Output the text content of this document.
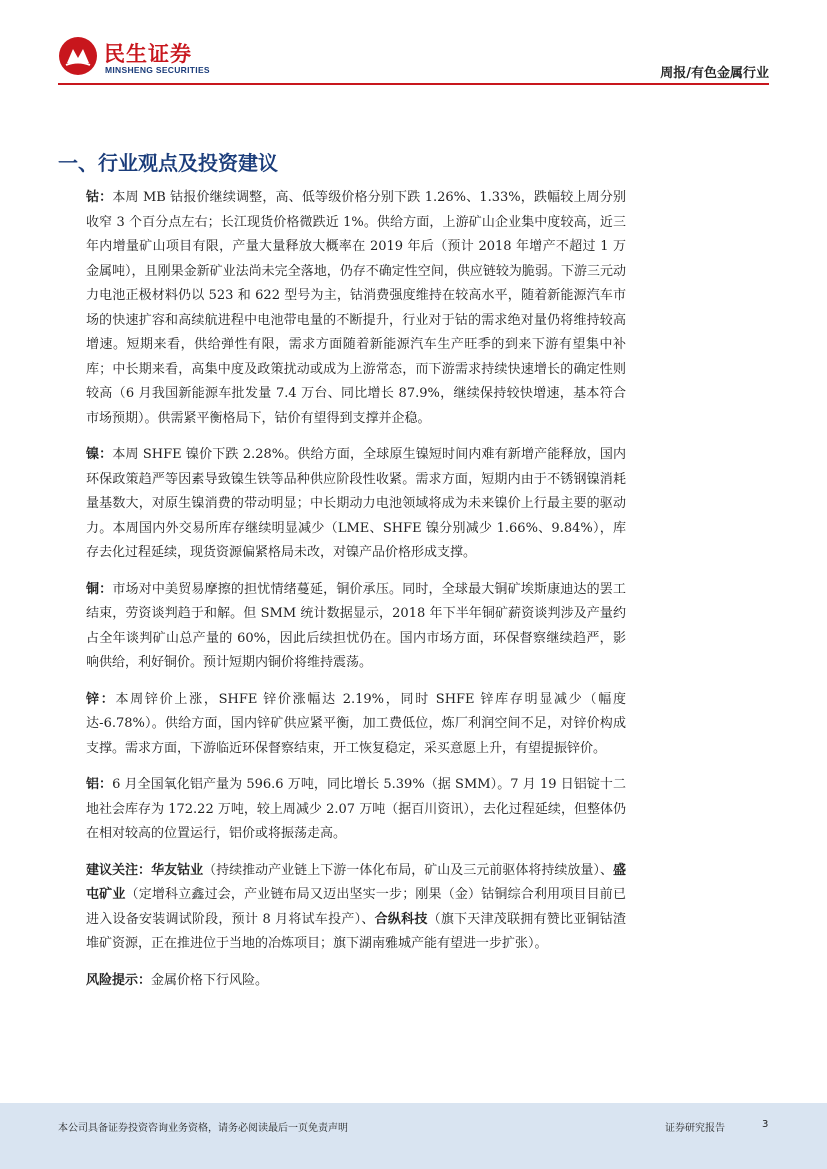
民生证券
MINSHENG SECURITIES	周报/有色金属行业
一、行业观点及投资建议

钴：本周 MB 钴报价继续调整，高、低等级价格分别下跌 1.26%、1.33%，跌幅较上周分别收窄 3 个百分点左右；长江现货价格微跌近 1%。供给方面，上游矿山企业集中度较高，近三年内增量矿山项目有限，产量大量释放大概率在 2019 年后（预计 2018 年增产不超过 1 万金属吨），且刚果金新矿业法尚未完全落地，仍存不确定性空间，供应链较为脆弱。下游三元动力电池正极材料仍以 523 和 622 型号为主，钴消费强度维持在较高水平，随着新能源汽车市场的快速扩容和高续航进程中电池带电量的不断提升，行业对于钴的需求绝对量仍将维持较高增速。短期来看，供给弹性有限，需求方面随着新能源汽车生产旺季的到来下游有望集中补库；中长期来看，高集中度及政策扰动或成为上游常态，而下游需求持续快速增长的确定性则较高（6 月我国新能源车批发量 7.4 万台、同比增长 87.9%，继续保持较快增速，基本符合市场预期）。供需紧平衡格局下，钴价有望得到支撑并企稳。

镍：本周 SHFE 镍价下跌 2.28%。供给方面，全球原生镍短时间内难有新增产能释放，国内环保政策趋严等因素导致镍生铁等品种供应阶段性收紧。需求方面，短期内由于不锈钢镍消耗量基数大，对原生镍消费的带动明显；中长期动力电池领域将成为未来镍价上行最主要的驱动力。本周国内外交易所库存继续明显减少（LME、SHFE 镍分别减少 1.66%、9.84%），库存去化过程延续，现货资源偏紧格局未改，对镍产品价格形成支撑。

铜：市场对中美贸易摩擦的担忧情绪蔓延，铜价承压。同时，全球最大铜矿埃斯康迪达的罢工结束，劳资谈判趋于和解。但 SMM 统计数据显示，2018 年下半年铜矿薪资谈判涉及产量约占全年谈判矿山总产量的 60%，因此后续担忧仍在。国内市场方面，环保督察继续趋严，影响供给，利好铜价。预计短期内铜价将维持震荡。

锌：本周锌价上涨，SHFE 锌价涨幅达 2.19%，同时 SHFE 锌库存明显减少（幅度达-6.78%）。供给方面，国内锌矿供应紧平衡，加工费低位，炼厂利润空间不足，对锌价构成支撑。需求方面，下游临近环保督察结束，开工恢复稳定，采买意愿上升，有望提振锌价。

铝：6 月全国氧化铝产量为 596.6 万吨，同比增长 5.39%（据 SMM）。7 月 19 日铝锭十二地社会库存为 172.22 万吨，较上周减少 2.07 万吨（据百川资讯），去化过程延续，但整体仍在相对较高的位置运行，铝价或将振荡走高。

建议关注：华友钴业（持续推动产业链上下游一体化布局，矿山及三元前驱体将持续放量）、盛屯矿业（定增科立鑫过会，产业链布局又迈出坚实一步；刚果（金）钴铜综合利用项目目前已进入设备安装调试阶段，预计 8 月将试车投产）、合纵科技（旗下天津茂联拥有赞比亚铜钴渣堆矿资源，正在推进位于当地的冶炼项目；旗下湖南雅城产能有望进一步扩张）。

风险提示：金属价格下行风险。

本公司具备证券投资咨询业务资格，请务必阅读最后一页免责声明	证券研究报告	3
